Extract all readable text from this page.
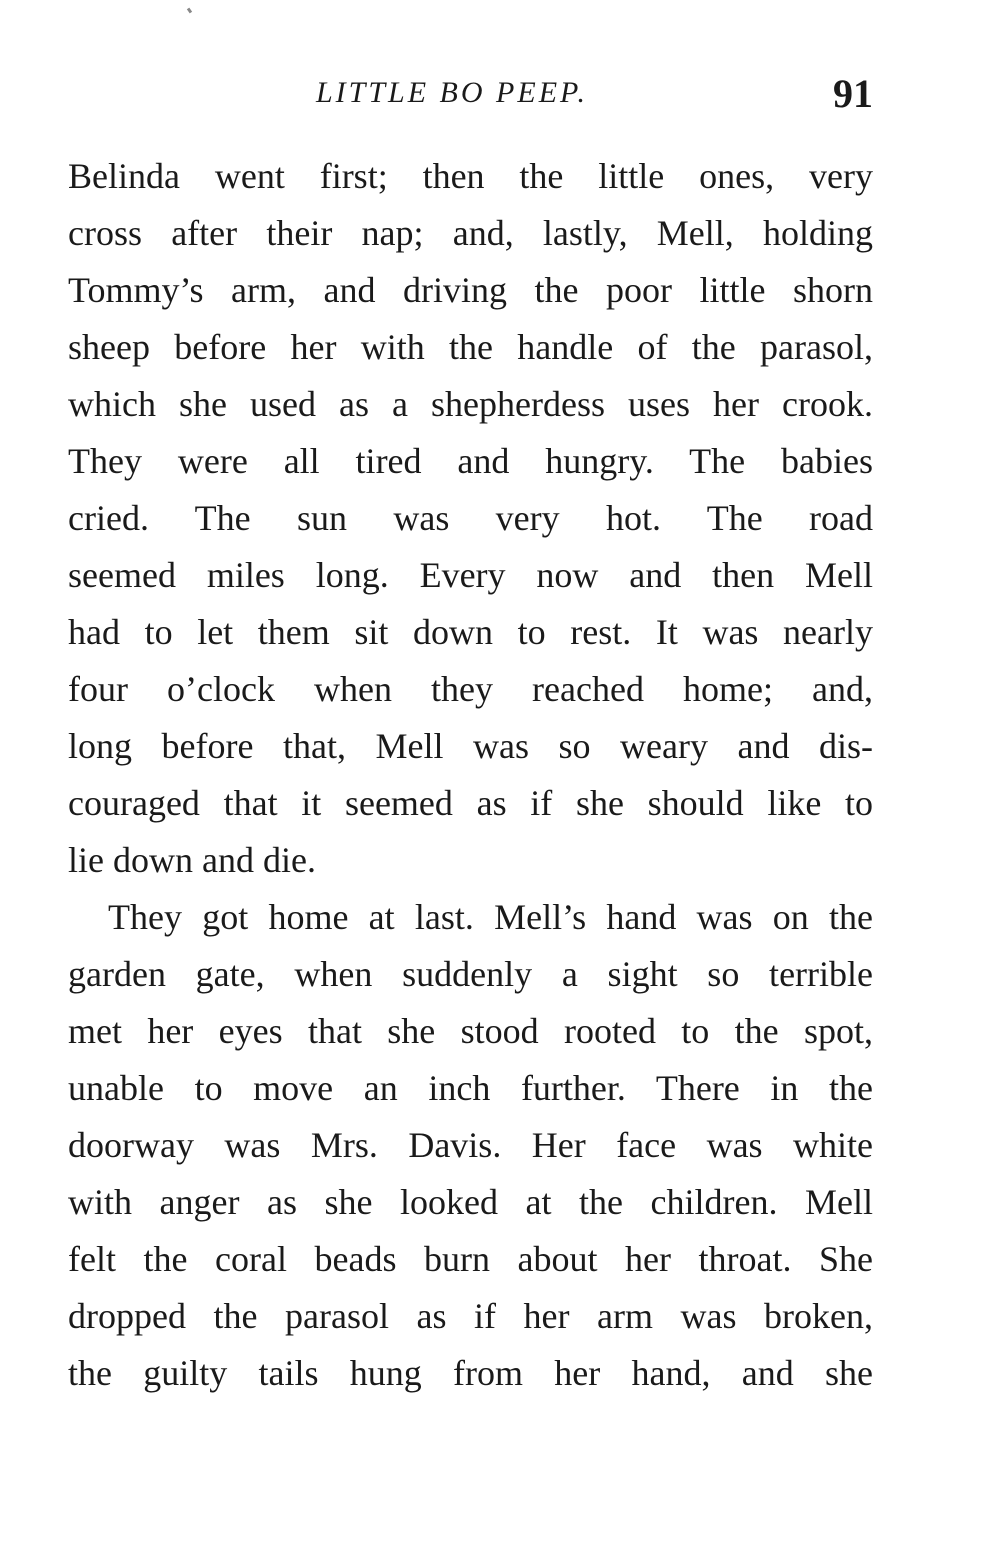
LITTLE BO PEEP.	91
Belinda went first; then the little ones, very
cross after their nap; and, lastly, Mell, holding
Tommy’s arm, and driving the poor little shorn
sheep before her with the handle of the parasol,
which she used as a shepherdess uses her crook.
They were all tired and hungry. The babies
cried. The sun was very hot. The road
seemed miles long. Every now and then Mell
had to let them sit down to rest. It was nearly
four o’clock when they reached home; and,
long before that, Mell was so weary and dis-
couraged that it seemed as if she should like to
lie down and die.
They got home at last. Mell’s hand was on the
garden gate, when suddenly a sight so terrible
met her eyes that she stood rooted to the spot,
unable to move an inch further. There in the
doorway was Mrs. Davis. Her face was white
with anger as she looked at the children. Mell
felt the coral beads burn about her throat. She
dropped the parasol as if her arm was broken,
the guilty tails hung from her hand, and she
